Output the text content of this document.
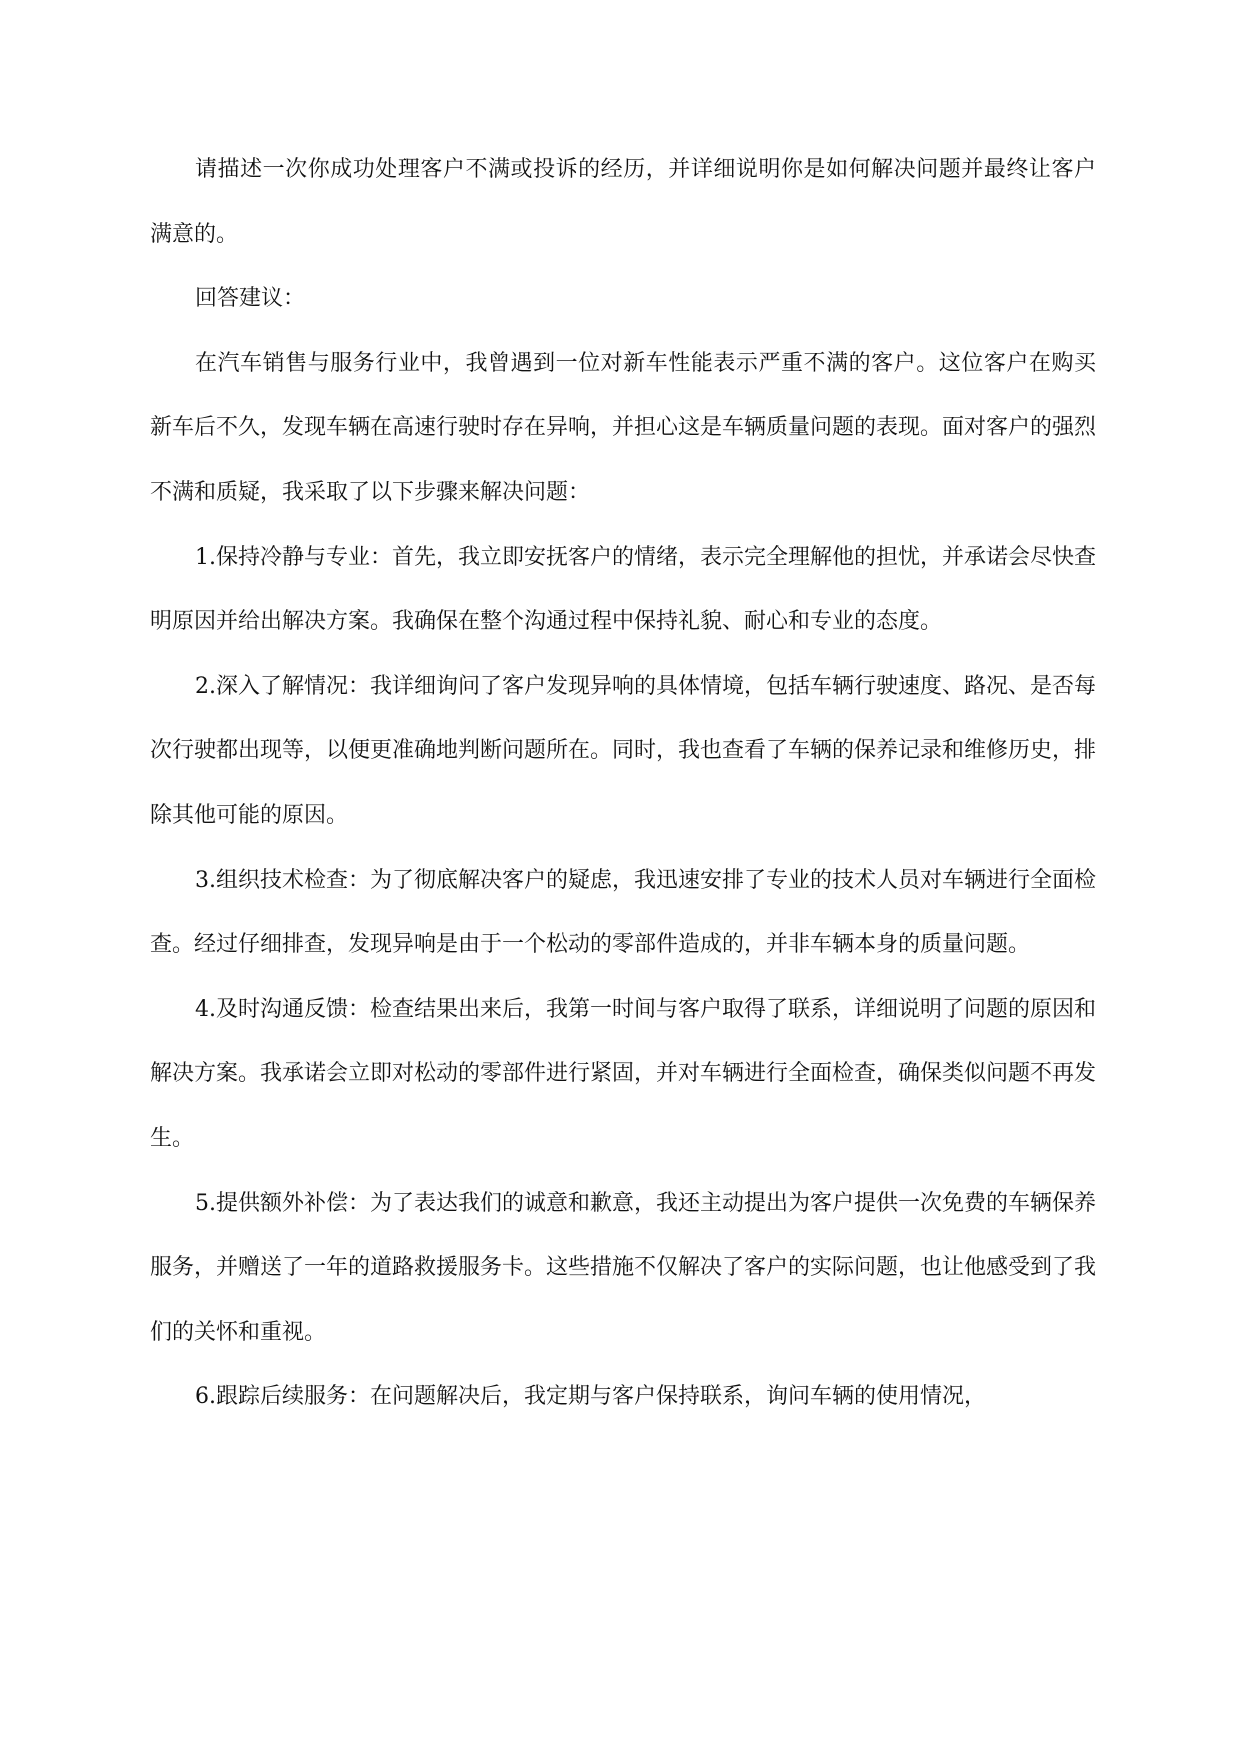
请描述一次你成功处理客户不满或投诉的经历，并详细说明你是如何解决问题并最终让客户满意的。

回答建议：

在汽车销售与服务行业中，我曾遇到一位对新车性能表示严重不满的客户。这位客户在购买新车后不久，发现车辆在高速行驶时存在异响，并担心这是车辆质量问题的表现。面对客户的强烈不满和质疑，我采取了以下步骤来解决问题：

1.保持冷静与专业：首先，我立即安抚客户的情绪，表示完全理解他的担忧，并承诺会尽快查明原因并给出解决方案。我确保在整个沟通过程中保持礼貌、耐心和专业的态度。

2.深入了解情况：我详细询问了客户发现异响的具体情境，包括车辆行驶速度、路况、是否每次行驶都出现等，以便更准确地判断问题所在。同时，我也查看了车辆的保养记录和维修历史，排除其他可能的原因。

3.组织技术检查：为了彻底解决客户的疑虑，我迅速安排了专业的技术人员对车辆进行全面检查。经过仔细排查，发现异响是由于一个松动的零部件造成的，并非车辆本身的质量问题。

4.及时沟通反馈：检查结果出来后，我第一时间与客户取得了联系，详细说明了问题的原因和解决方案。我承诺会立即对松动的零部件进行紧固，并对车辆进行全面检查，确保类似问题不再发生。

5.提供额外补偿：为了表达我们的诚意和歉意，我还主动提出为客户提供一次免费的车辆保养服务，并赠送了一年的道路救援服务卡。这些措施不仅解决了客户的实际问题，也让他感受到了我们的关怀和重视。

6.跟踪后续服务：在问题解决后，我定期与客户保持联系，询问车辆的使用情况，
